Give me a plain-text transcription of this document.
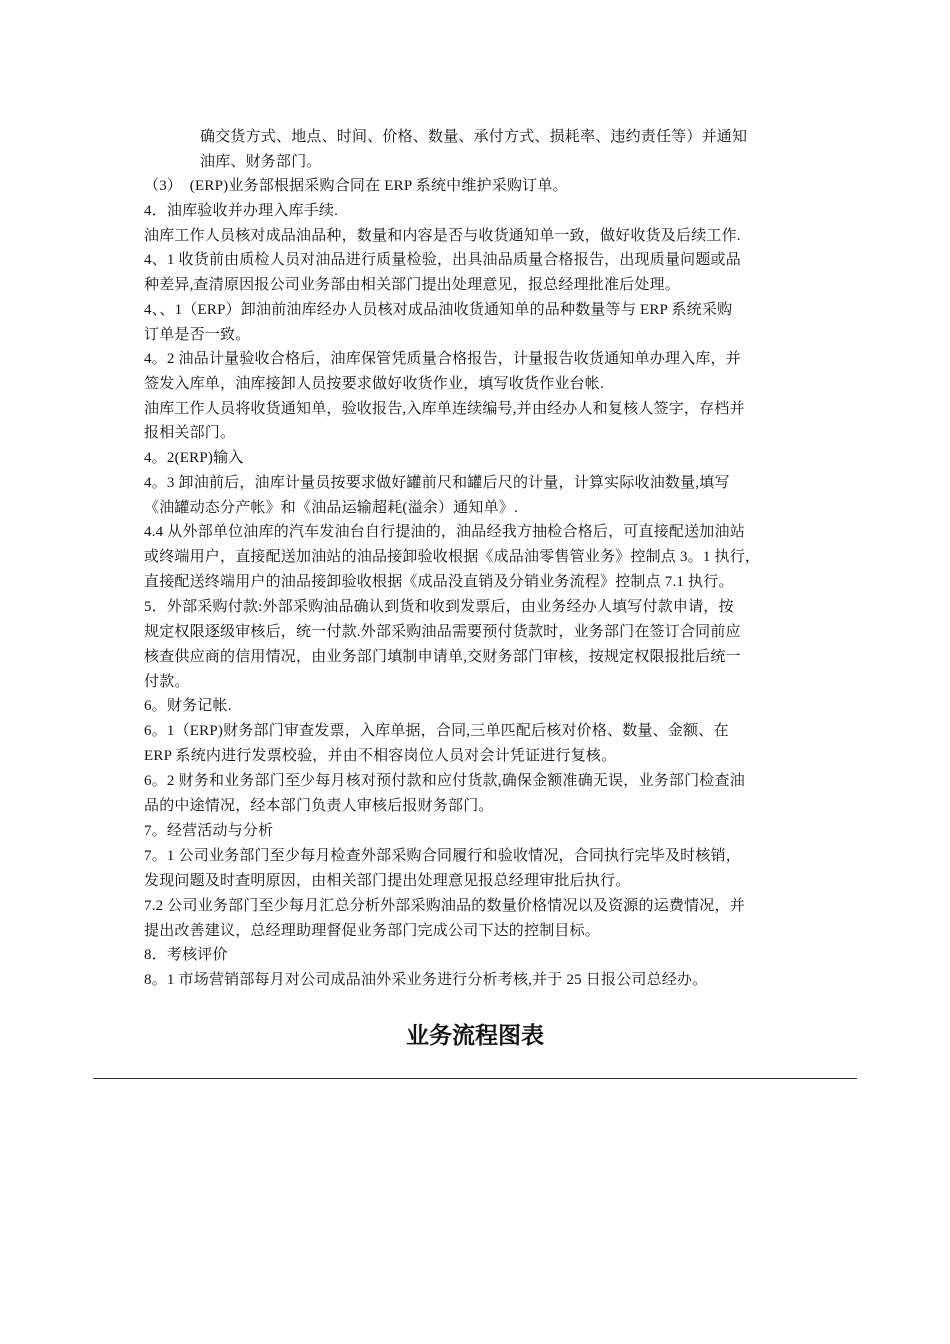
确交货方式、地点、时间、价格、数量、承付方式、损耗率、违约责任等）并通知
油库、财务部门。
（3）　(ERP)业务部根据采购合同在 ERP 系统中维护采购订单。
4．油库验收并办理入库手续.
油库工作人员核对成品油品种，数量和内容是否与收货通知单一致，做好收货及后续工作.
4、1 收货前由质检人员对油品进行质量检验，出具油品质量合格报告，出现质量问题或品
种差异,查清原因报公司业务部由相关部门提出处理意见，报总经理批准后处理。
4、、1（ERP）卸油前油库经办人员核对成品油收货通知单的品种数量等与 ERP 系统采购
订单是否一致。
4。2 油品计量验收合格后，油库保管凭质量合格报告，计量报告收货通知单办理入库，并
签发入库单，油库接卸人员按要求做好收货作业，填写收货作业台帐.
油库工作人员将收货通知单，验收报告,入库单连续编号,并由经办人和复核人签字，存档并
报相关部门。
4。2(ERP)输入
4。3 卸油前后，油库计量员按要求做好罐前尺和罐后尺的计量，计算实际收油数量,填写
《油罐动态分产帐》和《油品运输超耗(溢余）通知单》.
4.4 从外部单位油库的汽车发油台自行提油的，油品经我方抽检合格后，可直接配送加油站
或终端用户，直接配送加油站的油品接卸验收根据《成品油零售管业务》控制点 3。1 执行，
直接配送终端用户的油品接卸验收根据《成品没直销及分销业务流程》控制点 7.1 执行。
5．外部采购付款:外部采购油品确认到货和收到发票后，由业务经办人填写付款申请，按
规定权限逐级审核后，统一付款.外部采购油品需要预付货款时，业务部门在签订合同前应
核查供应商的信用情况，由业务部门填制申请单,交财务部门审核，按规定权限报批后统一
付款。
6。财务记帐.
6。1（ERP)财务部门审查发票，入库单据，合同,三单匹配后核对价格、数量、金额、在
ERP 系统内进行发票校验，并由不相容岗位人员对会计凭证进行复核。
6。2 财务和业务部门至少每月核对预付款和应付货款,确保金额准确无误，业务部门检查油
品的中途情况，经本部门负责人审核后报财务部门。
7。经营活动与分析
7。1 公司业务部门至少每月检查外部采购合同履行和验收情况，合同执行完毕及时核销，
发现问题及时查明原因，由相关部门提出处理意见报总经理审批后执行。
7.2 公司业务部门至少每月汇总分析外部采购油品的数量价格情况以及资源的运费情况，并
提出改善建议，总经理助理督促业务部门完成公司下达的控制目标。
8．考核评价
8。1 市场营销部每月对公司成品油外采业务进行分析考核,并于 25 日报公司总经办。
业务流程图表
